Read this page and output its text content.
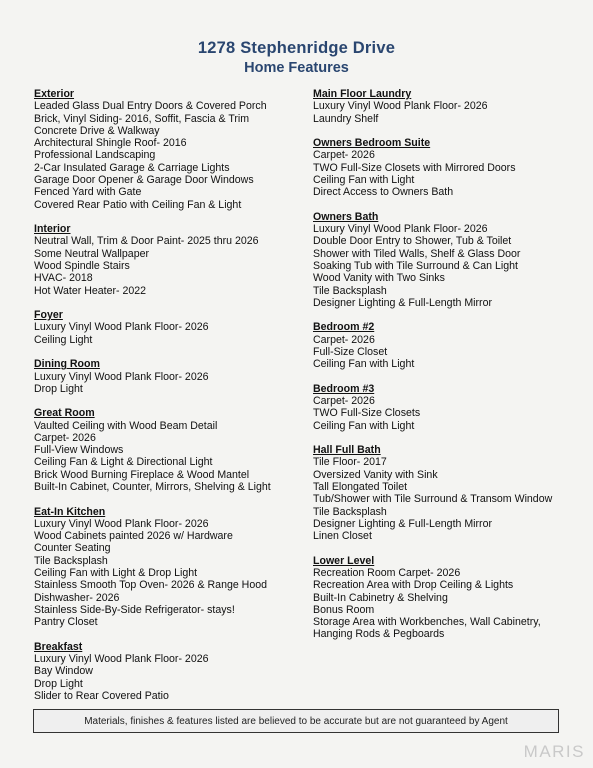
1278 Stephenridge Drive
Home Features
Exterior
Leaded Glass Dual Entry Doors & Covered Porch
Brick, Vinyl Siding- 2016, Soffit, Fascia & Trim
Concrete Drive & Walkway
Architectural Shingle Roof- 2016
Professional Landscaping
2-Car Insulated Garage & Carriage Lights
Garage Door Opener & Garage Door Windows
Fenced Yard with Gate
Covered Rear Patio with Ceiling Fan & Light
Interior
Neutral Wall, Trim & Door Paint- 2025 thru 2026
Some Neutral Wallpaper
Wood Spindle Stairs
HVAC- 2018
Hot Water Heater- 2022
Foyer
Luxury Vinyl Wood Plank Floor- 2026
Ceiling Light
Dining Room
Luxury Vinyl Wood Plank Floor- 2026
Drop Light
Great Room
Vaulted Ceiling with Wood Beam Detail
Carpet- 2026
Full-View Windows
Ceiling Fan & Light & Directional Light
Brick Wood Burning Fireplace & Wood Mantel
Built-In Cabinet, Counter, Mirrors, Shelving & Light
Eat-In Kitchen
Luxury Vinyl Wood Plank Floor- 2026
Wood Cabinets painted 2026 w/ Hardware
Counter Seating
Tile Backsplash
Ceiling Fan with Light & Drop Light
Stainless Smooth Top Oven- 2026 & Range Hood
Dishwasher- 2026
Stainless Side-By-Side Refrigerator- stays!
Pantry Closet
Breakfast
Luxury Vinyl Wood Plank Floor- 2026
Bay Window
Drop Light
Slider to Rear Covered Patio
Main Floor Laundry
Luxury Vinyl Wood Plank Floor- 2026
Laundry Shelf
Owners Bedroom Suite
Carpet- 2026
TWO Full-Size Closets with Mirrored Doors
Ceiling Fan with Light
Direct Access to Owners Bath
Owners Bath
Luxury Vinyl Wood Plank Floor- 2026
Double Door Entry to Shower, Tub & Toilet
Shower with Tiled Walls, Shelf & Glass Door
Soaking Tub with Tile Surround & Can Light
Wood Vanity with Two Sinks
Tile Backsplash
Designer Lighting & Full-Length Mirror
Bedroom #2
Carpet- 2026
Full-Size Closet
Ceiling Fan with Light
Bedroom #3
Carpet- 2026
TWO Full-Size Closets
Ceiling Fan with Light
Hall Full Bath
Tile Floor- 2017
Oversized Vanity with Sink
Tall Elongated Toilet
Tub/Shower with Tile Surround & Transom Window
Tile Backsplash
Designer Lighting & Full-Length Mirror
Linen Closet
Lower Level
Recreation Room Carpet- 2026
Recreation Area with Drop Ceiling & Lights
Built-In Cabinetry & Shelving
Bonus Room
Storage Area with Workbenches, Wall Cabinetry,
Hanging Rods & Pegboards
Materials, finishes & features listed are believed to be accurate but are not guaranteed by Agent
MARIS
